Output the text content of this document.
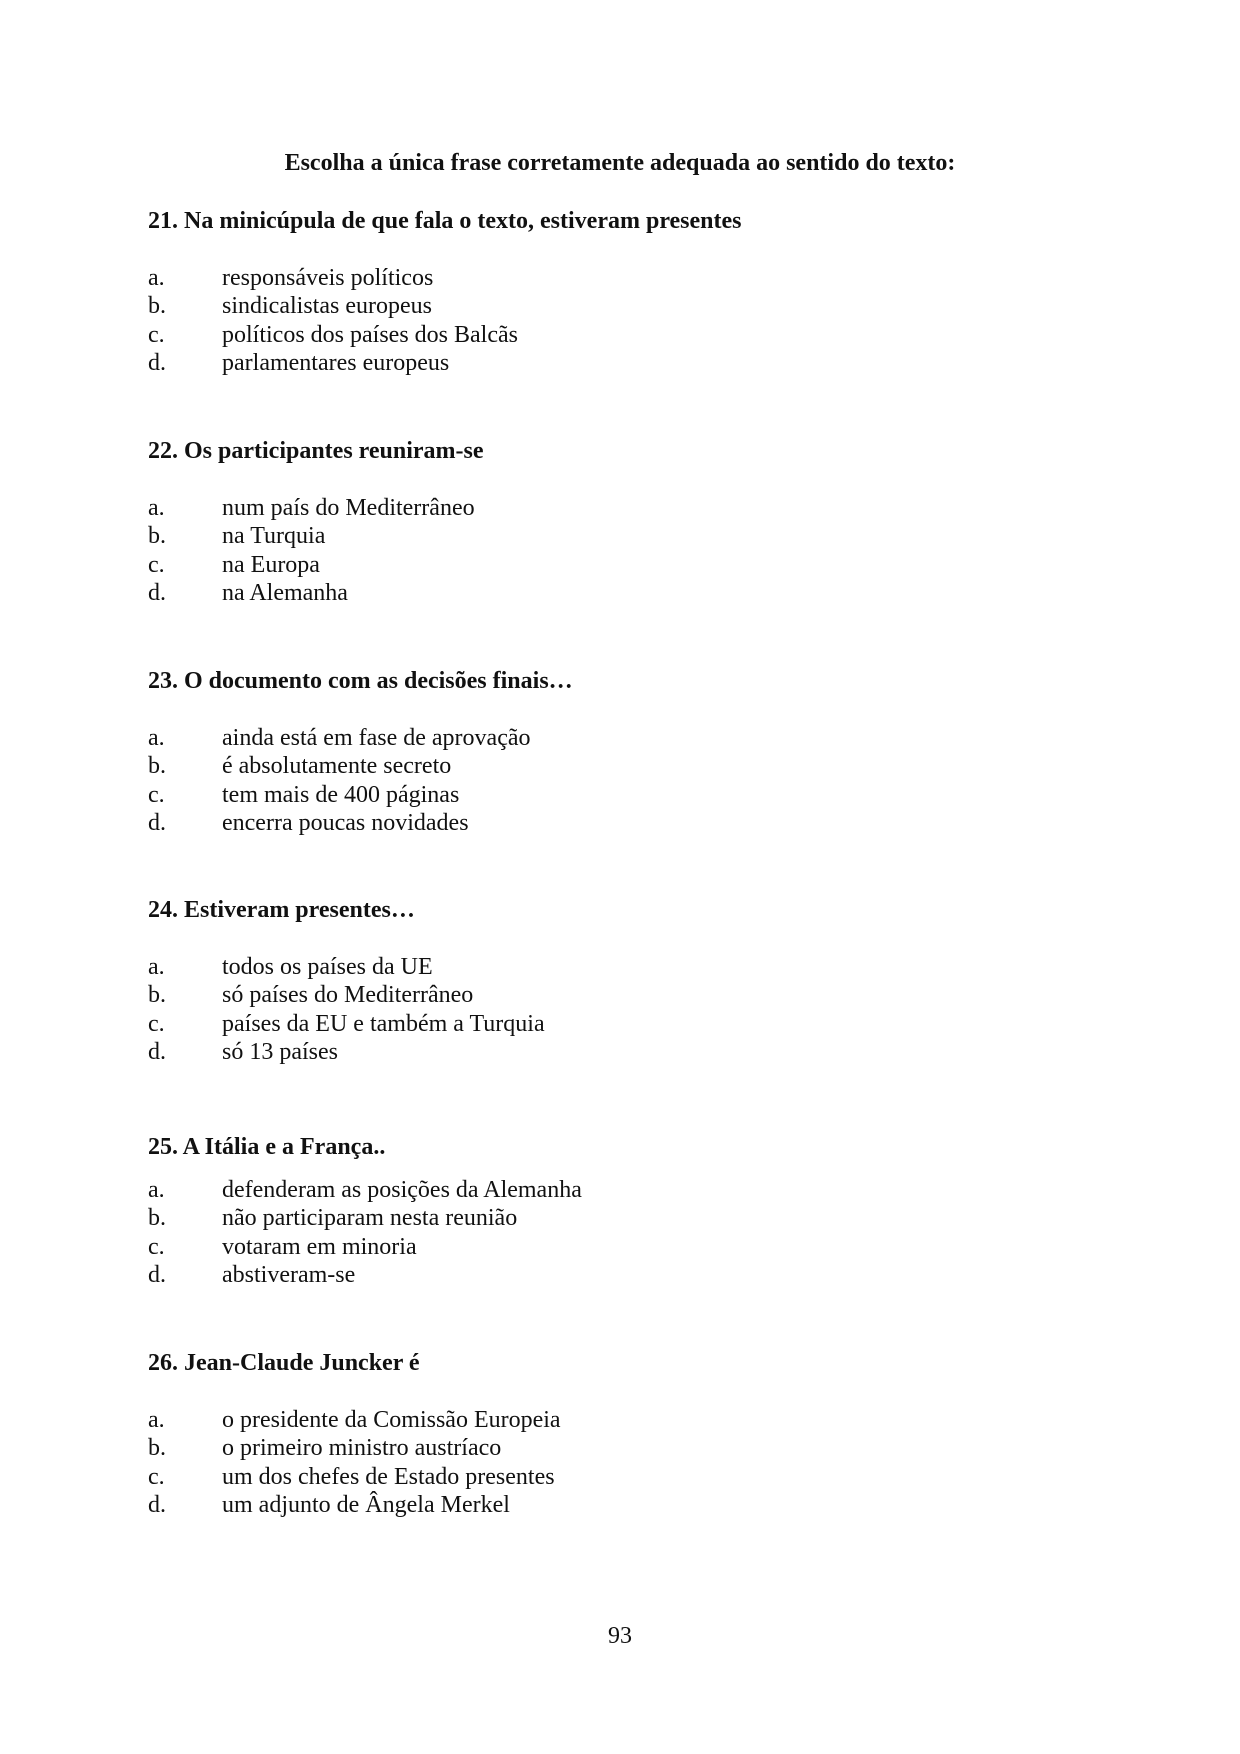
Escolha a única frase corretamente adequada ao sentido do texto:
21. Na minicúpula de que fala o texto, estiveram presentes
a. responsáveis políticos
b. sindicalistas europeus
c. políticos dos países dos Balcãs
d. parlamentares europeus
22. Os participantes reuniram-se
a. num país do Mediterrâneo
b. na Turquia
c. na Europa
d. na Alemanha
23. O documento com as decisões finais…
a. ainda está em fase de aprovação
b. é absolutamente secreto
c. tem mais de 400 páginas
d. encerra poucas novidades
24. Estiveram presentes…
a. todos os países da UE
b. só países do Mediterrâneo
c. países da EU e também a Turquia
d. só 13 países
25. A Itália e a França..
a. defenderam as posições da Alemanha
b. não participaram nesta reunião
c. votaram em minoria
d. abstiveram-se
26. Jean-Claude Juncker é
a. o presidente da Comissão Europeia
b. o primeiro ministro austríaco
c. um dos chefes de Estado presentes
d. um adjunto de Ângela Merkel
93
